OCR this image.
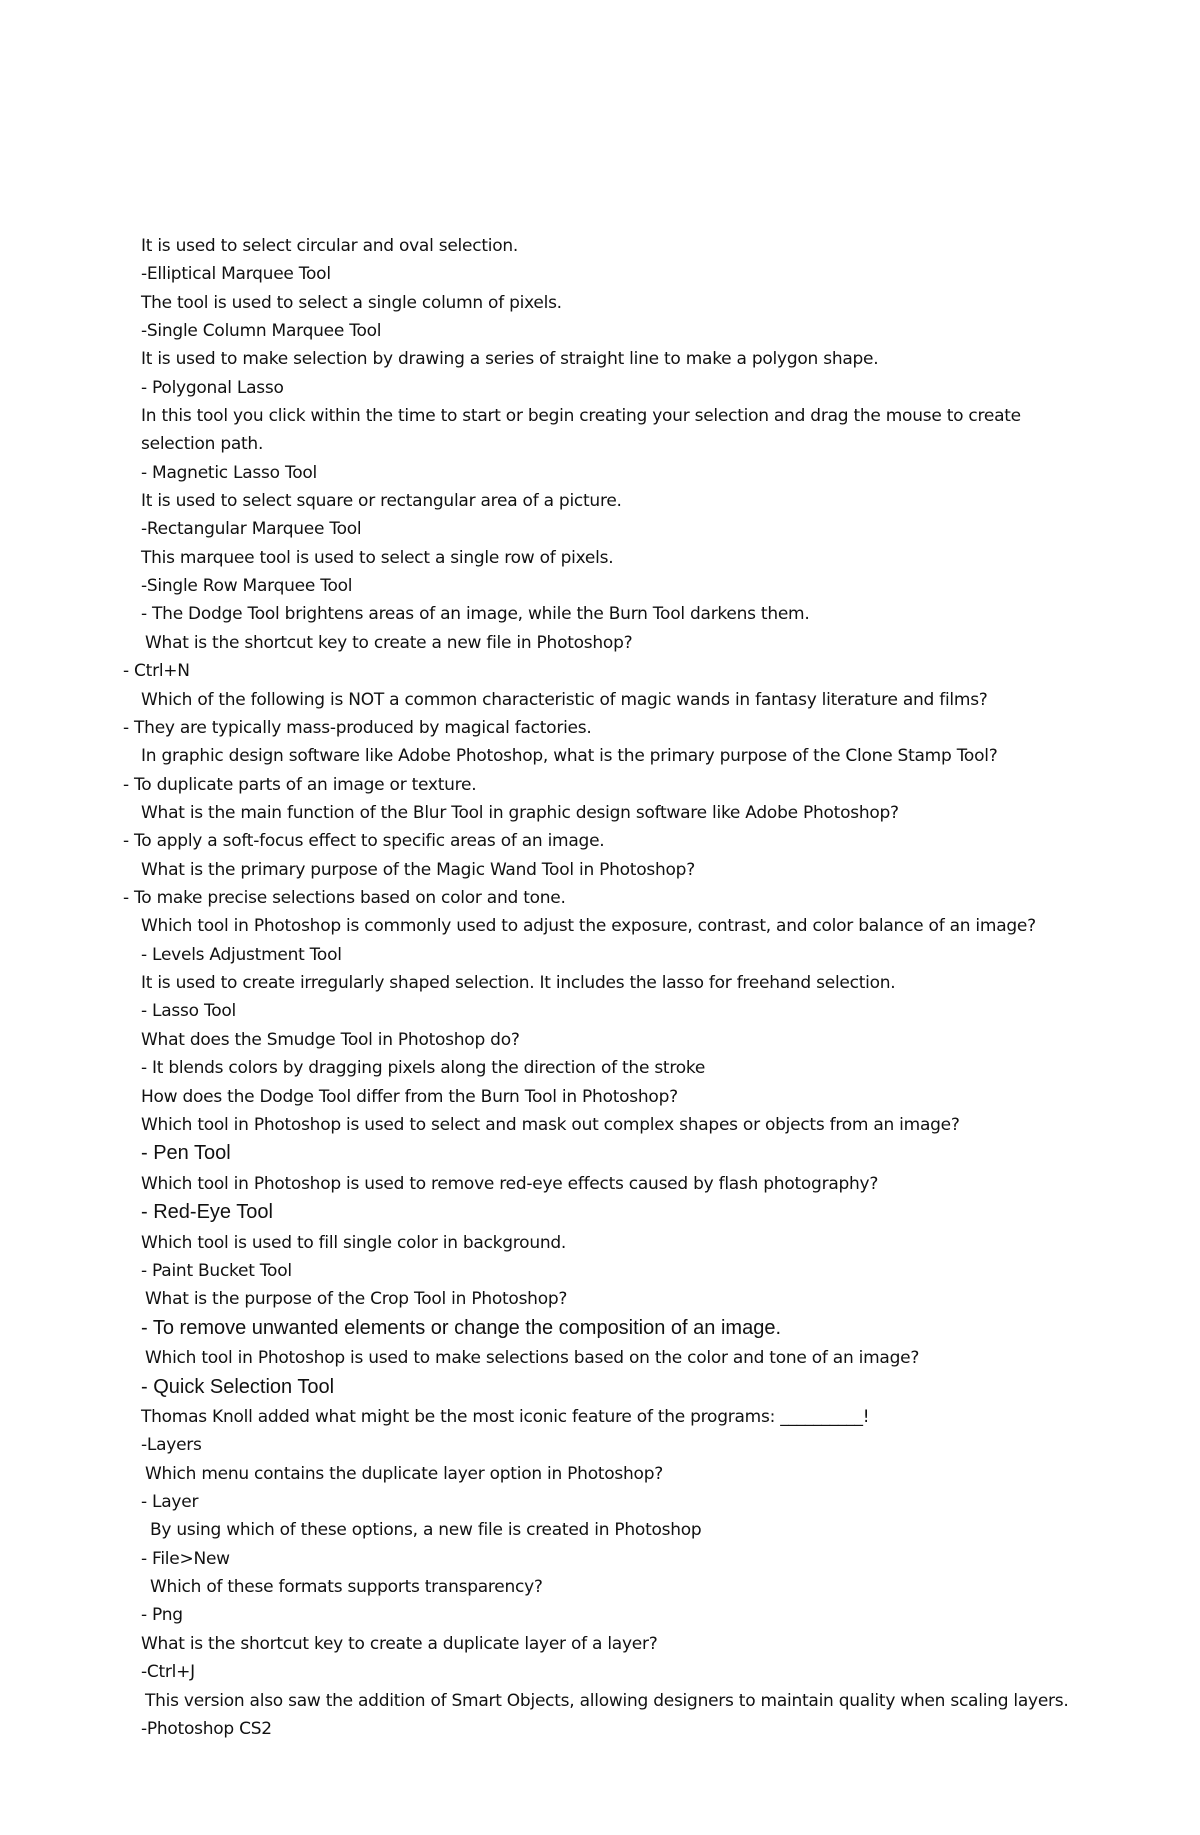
It is used to select circular and oval selection.
-Elliptical Marquee Tool
The tool is used to select a single column of pixels.
-Single Column Marquee Tool
It is used to make selection by drawing a series of straight line to make a polygon shape.
- Polygonal Lasso
In this tool you click within the time to start or begin creating your selection and drag the mouse to create
selection path.
- Magnetic Lasso Tool
It is used to select square or rectangular area of a picture.
-Rectangular Marquee Tool
This marquee tool is used to select a single row of pixels.
-Single Row Marquee Tool
- The Dodge Tool brightens areas of an image, while the Burn Tool darkens them.
What is the shortcut key to create a new file in Photoshop?
- Ctrl+N
Which of the following is NOT a common characteristic of magic wands in fantasy literature and films?
- They are typically mass-produced by magical factories.
In graphic design software like Adobe Photoshop, what is the primary purpose of the Clone Stamp Tool?
- To duplicate parts of an image or texture.
What is the main function of the Blur Tool in graphic design software like Adobe Photoshop?
- To apply a soft-focus effect to specific areas of an image.
What is the primary purpose of the Magic Wand Tool in Photoshop?
- To make precise selections based on color and tone.
Which tool in Photoshop is commonly used to adjust the exposure, contrast, and color balance of an image?
- Levels Adjustment Tool
It is used to create irregularly shaped selection. It includes the lasso for freehand selection.
- Lasso Tool
What does the Smudge Tool in Photoshop do?
- It blends colors by dragging pixels along the direction of the stroke
How does the Dodge Tool differ from the Burn Tool in Photoshop?
Which tool in Photoshop is used to select and mask out complex shapes or objects from an image?
- Pen Tool
Which tool in Photoshop is used to remove red-eye effects caused by flash photography?
- Red-Eye Tool
Which tool is used to fill single color in background.
- Paint Bucket Tool
What is the purpose of the Crop Tool in Photoshop?
- To remove unwanted elements or change the composition of an image.
Which tool in Photoshop is used to make selections based on the color and tone of an image?
- Quick Selection Tool
Thomas Knoll added what might be the most iconic feature of the programs: __________!
-Layers
Which menu contains the duplicate layer option in Photoshop?
- Layer
By using which of these options, a new file is created in Photoshop
- File>New
Which of these formats supports transparency?
- Png
What is the shortcut key to create a duplicate layer of a layer?
-Ctrl+J
This version also saw the addition of Smart Objects, allowing designers to maintain quality when scaling layers.
-Photoshop CS2
